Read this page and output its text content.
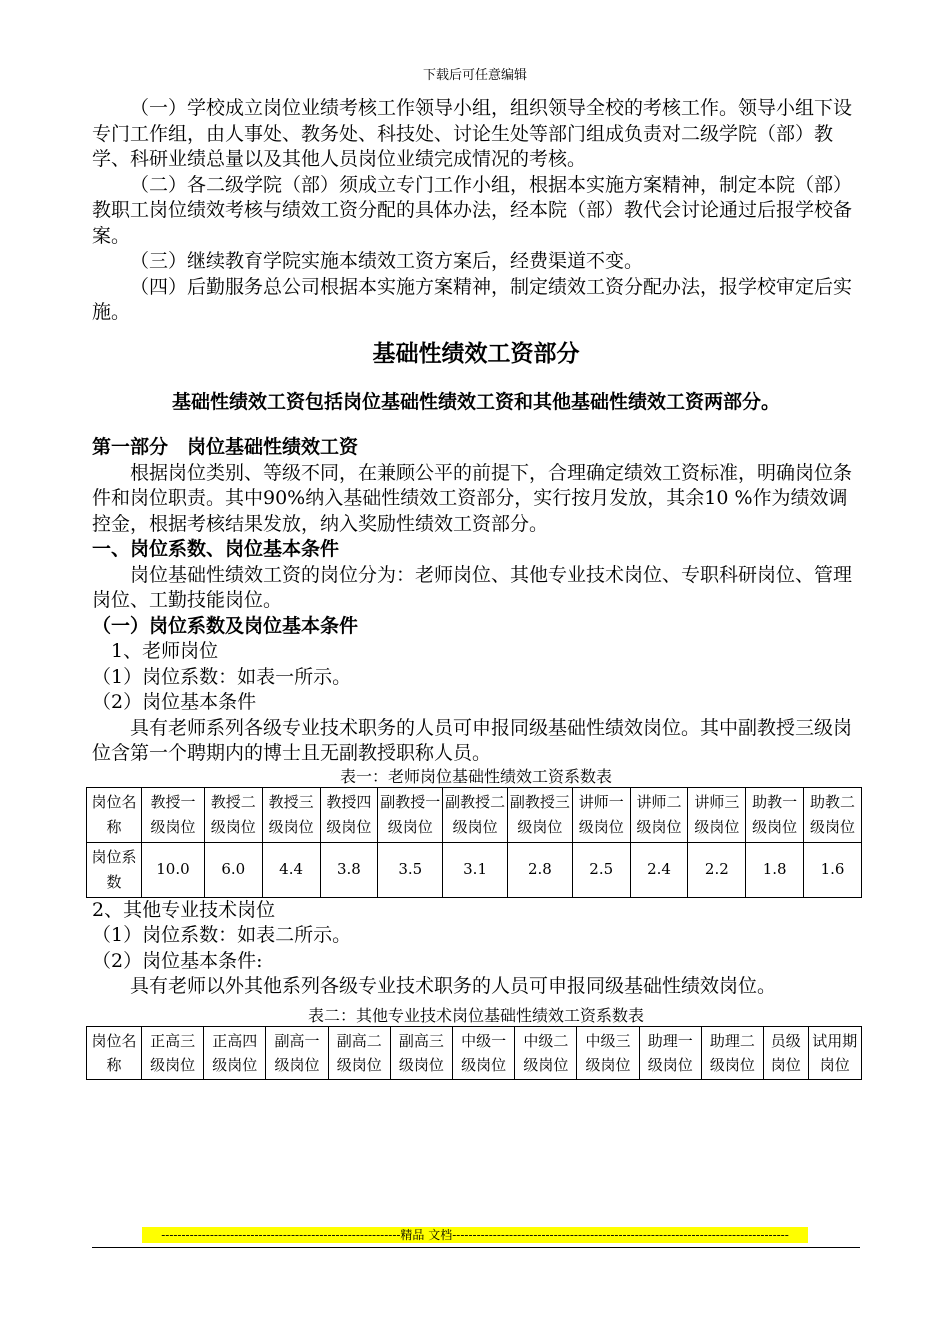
下载后可任意编辑

（一）学校成立岗位业绩考核工作领导小组，组织领导全校的考核工作。领导小组下设专门工作组，由人事处、教务处、科技处、讨论生处等部门组成负责对二级学院（部）教学、科研业绩总量以及其他人员岗位业绩完成情况的考核。

（二）各二级学院（部）须成立专门工作小组，根据本实施方案精神，制定本院（部）教职工岗位绩效考核与绩效工资分配的具体办法，经本院（部）教代会讨论通过后报学校备案。

（三）继续教育学院实施本绩效工资方案后，经费渠道不变。

（四）后勤服务总公司根据本实施方案精神，制定绩效工资分配办法，报学校审定后实施。

基础性绩效工资部分

基础性绩效工资包括岗位基础性绩效工资和其他基础性绩效工资两部分。

第一部分　岗位基础性绩效工资

根据岗位类别、等级不同，在兼顾公平的前提下，合理确定绩效工资标准，明确岗位条件和岗位职责。其中90%纳入基础性绩效工资部分，实行按月发放，其余10 %作为绩效调控金，根据考核结果发放，纳入奖励性绩效工资部分。

一、岗位系数、岗位基本条件

岗位基础性绩效工资的岗位分为：老师岗位、其他专业技术岗位、专职科研岗位、管理岗位、工勤技能岗位。

（一）岗位系数及岗位基本条件

1、老师岗位

（1）岗位系数：如表一所示。

（2）岗位基本条件

具有老师系列各级专业技术职务的人员可申报同级基础性绩效岗位。其中副教授三级岗位含第一个聘期内的博士且无副教授职称人员。

表一：老师岗位基础性绩效工资系数表

岗位名称	教授一级岗位	教授二级岗位	教授三级岗位	教授四级岗位	副教授一级岗位	副教授二级岗位	副教授三级岗位	讲师一级岗位	讲师二级岗位	讲师三级岗位	助教一级岗位	助教二级岗位
岗位系数	10.0	6.0	4.4	3.8	3.5	3.1	2.8	2.5	2.4	2.2	1.8	1.6

2、其他专业技术岗位

（1）岗位系数：如表二所示。

（2）岗位基本条件:

具有老师以外其他系列各级专业技术职务的人员可申报同级基础性绩效岗位。

表二：其他专业技术岗位基础性绩效工资系数表

岗位名称	正高三级岗位	正高四级岗位	副高一级岗位	副高二级岗位	副高三级岗位	中级一级岗位	中级二级岗位	中级三级岗位	助理一级岗位	助理二级岗位	员级岗位	试用期岗位
-----------------------------------------------------------精品 文档-----------------------------------------------------------------------------------
